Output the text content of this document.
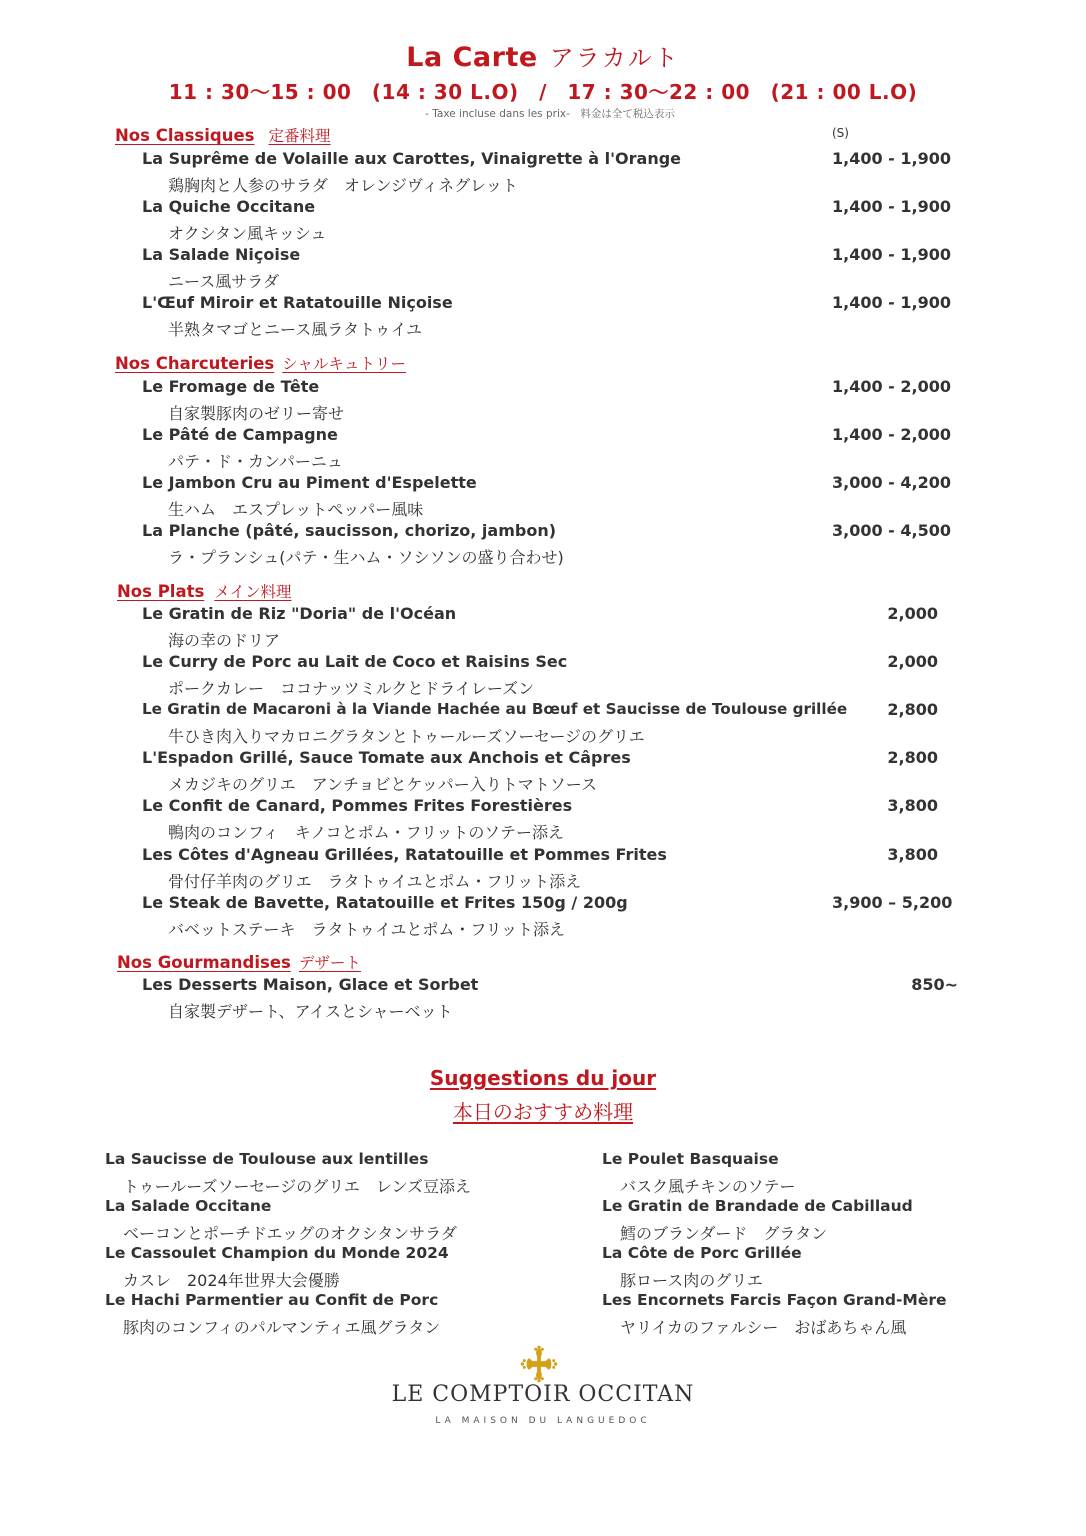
La Carte アラカルト
11 : 30～15 : 00　(14 : 30 L.O)　/　17 : 30～22 : 00　(21 : 00 L.O)
- Taxe incluse dans les prix-　料金は全て税込表示
(S)
Nos Classiques 定番料理
La Suprême de Volaille aux Carottes, Vinaigrette à l'Orange
鶏胸肉と人参のサラダ　オレンジヴィネグレット
1,400 - 1,900
La Quiche Occitane
オクシタン風キッシュ
1,400 - 1,900
La Salade Niçoise
ニース風サラダ
1,400 - 1,900
L'Œuf Miroir et Ratatouille Niçoise
半熟タマゴとニース風ラタトゥイユ
1,400 - 1,900
Nos Charcuteries シャルキュトリー
Le Fromage de Tête
自家製豚肉のゼリー寄せ
1,400 - 2,000
Le Pâté de Campagne
パテ・ド・カンパーニュ
1,400 - 2,000
Le Jambon Cru au Piment d'Espelette
生ハム　エスプレットペッパー風味
3,000 - 4,200
La Planche (pâté, saucisson, chorizo, jambon)
ラ・プランシュ(パテ・生ハム・ソシソンの盛り合わせ)
3,000 - 4,500
Nos Plats メイン料理
Le Gratin de Riz "Doria" de l'Océan
海の幸のドリア
2,000
Le Curry de Porc au Lait de Coco et Raisins Sec
ポークカレー　ココナッツミルクとドライレーズン
2,000
Le Gratin de Macaroni à la Viande Hachée au Bœuf et Saucisse de Toulouse grillée
牛ひき肉入りマカロニグラタンとトゥールーズソーセージのグリエ
2,800
L'Espadon Grillé, Sauce Tomate aux Anchois et Câpres
メカジキのグリエ　アンチョビとケッパー入りトマトソース
2,800
Le Confit de Canard, Pommes Frites Forestières
鴨肉のコンフィ　キノコとポム・フリットのソテー添え
3,800
Les Côtes d'Agneau Grillées, Ratatouille et Pommes Frites
骨付仔羊肉のグリエ　ラタトゥイユとポム・フリット添え
3,800
Le Steak de Bavette, Ratatouille et Frites 150g / 200g
バベットステーキ　ラタトゥイユとポム・フリット添え
3,900 – 5,200
Nos Gourmandises デザート
Les Desserts Maison, Glace et Sorbet
自家製デザート、アイスとシャーベット
850~
Suggestions du jour
本日のおすすめ料理
La Saucisse de Toulouse aux lentilles
トゥールーズソーセージのグリエ　レンズ豆添え
La Salade Occitane
ベーコンとポーチドエッグのオクシタンサラダ
Le Cassoulet Champion du Monde 2024
カスレ　2024年世界大会優勝
Le Hachi Parmentier au Confit de Porc
豚肉のコンフィのパルマンティエ風グラタン
Le Poulet Basquaise
バスク風チキンのソテー
Le Gratin de Brandade de Cabillaud
鱈のブランダード　グラタン
La Côte de Porc Grillée
豚ロース肉のグリエ
Les Encornets Farcis Façon Grand-Mère
ヤリイカのファルシー　おばあちゃん風
LE COMPTOIR OCCITAN
LA MAISON DU LANGUEDOC
